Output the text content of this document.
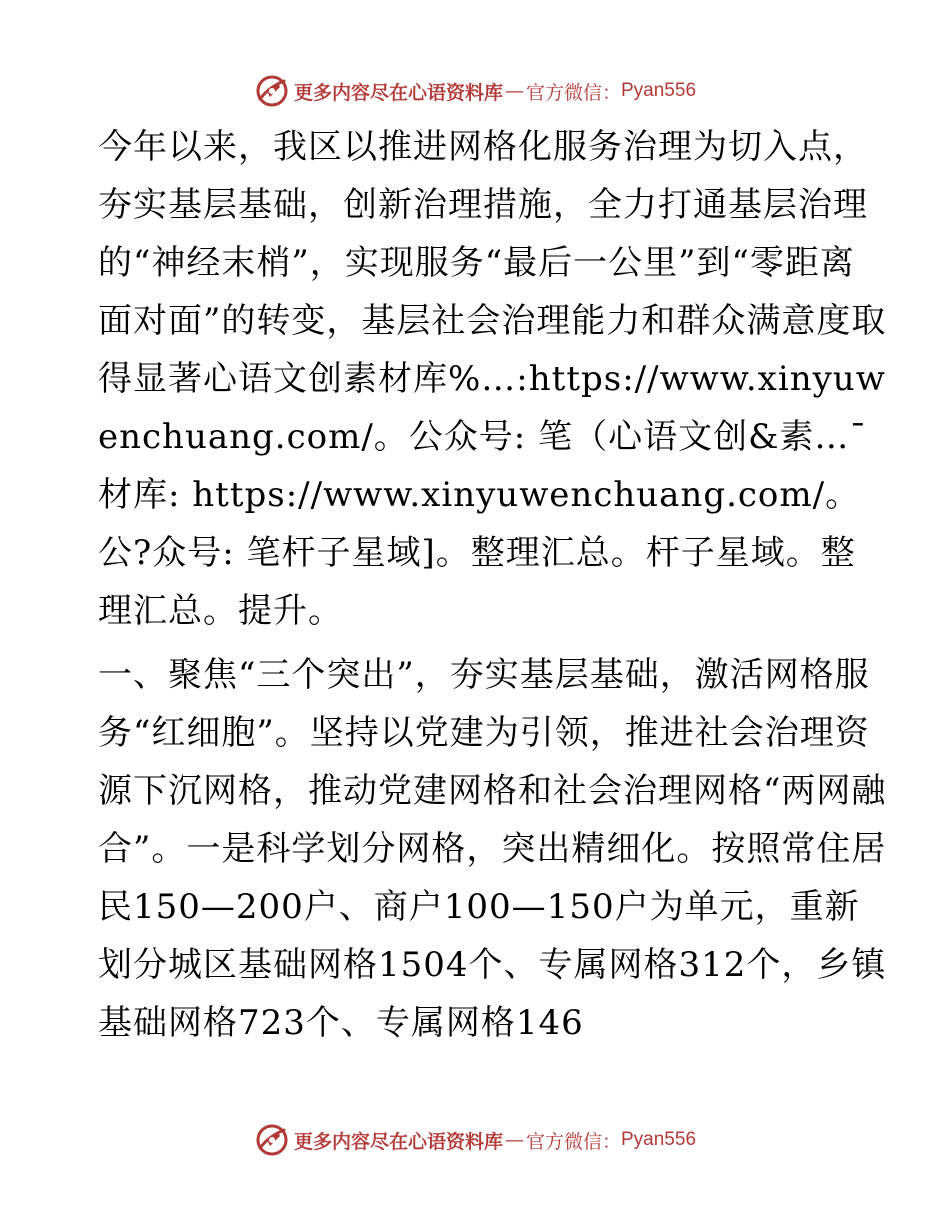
更多内容尽在心语资料库 — 官方微信： Pyan556

今年以来，我区以推进网格化服务治理为切入点，夯实基层基础，创新治理措施，全力打通基层治理的“神经末梢”，实现服务“最后一公里”到“零距离面对面”的转变，基层社会治理能力和群众满意度取得显著心语文创素材库%…:https://www.xinyuwenchuang.com/。公众号: 笔（心语文创&素…¯材库: https://www.xinyuwenchuang.com/。公?众号: 笔杆子星域]。整理汇总。杆子星域。整理汇总。提升。

一、聚焦“三个突出”，夯实基层基础，激活网格服务“红细胞”。坚持以党建为引领，推进社会治理资源下沉网格，推动党建网格和社会治理网格“两网融合”。一是科学划分网格，突出精细化。按照常住居民150—200户、商户100—150户为单元，重新划分城区基础网格1504个、专属网格312个，乡镇基础网格723个、专属网格146

更多内容尽在心语资料库 — 官方微信： Pyan556
